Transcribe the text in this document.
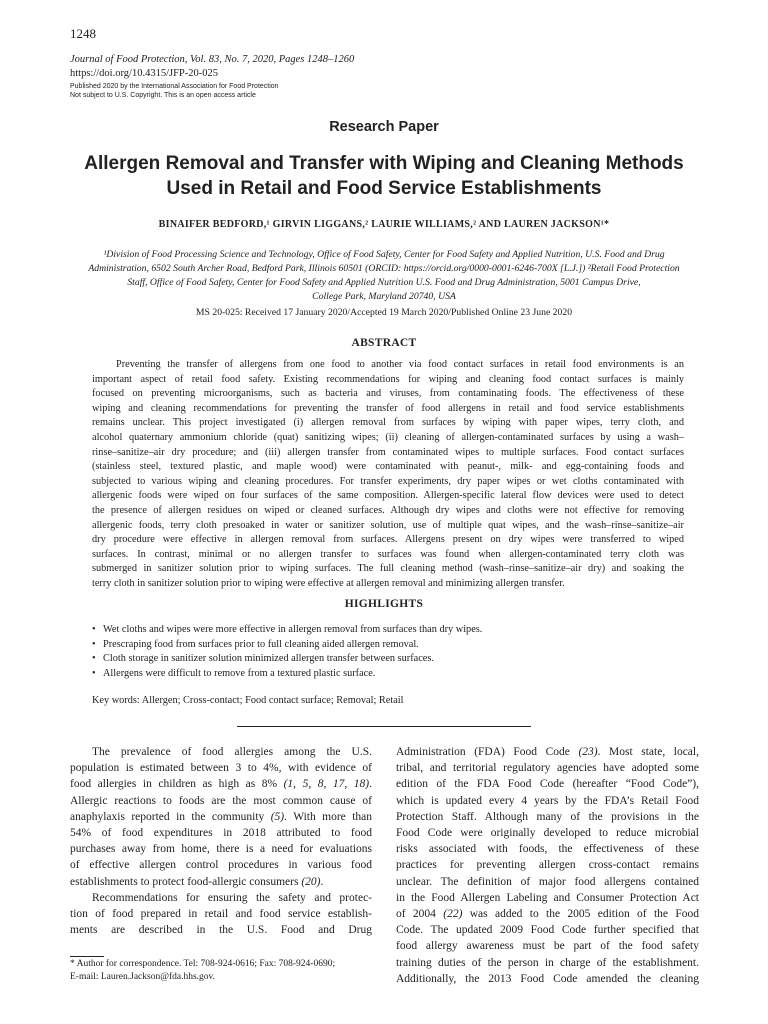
1248
Journal of Food Protection, Vol. 83, No. 7, 2020, Pages 1248–1260
https://doi.org/10.4315/JFP-20-025
Published 2020 by the International Association for Food Protection
Not subject to U.S. Copyright. This is an open access article
Research Paper
Allergen Removal and Transfer with Wiping and Cleaning Methods
Used in Retail and Food Service Establishments
BINAIFER BEDFORD,¹ GIRVIN LIGGANS,² LAURIE WILLIAMS,² AND LAUREN JACKSON¹*
¹Division of Food Processing Science and Technology, Office of Food Safety, Center for Food Safety and Applied Nutrition, U.S. Food and Drug
Administration, 6502 South Archer Road, Bedford Park, Illinois 60501 (ORCID: https://orcid.org/0000-0001-6246-700X [L.J.]) ²Retail Food Protection
Staff, Office of Food Safety, Center for Food Safety and Applied Nutrition U.S. Food and Drug Administration, 5001 Campus Drive,
College Park, Maryland 20740, USA
MS 20-025: Received 17 January 2020/Accepted 19 March 2020/Published Online 23 June 2020
ABSTRACT
Preventing the transfer of allergens from one food to another via food contact surfaces in retail food environments is an
important aspect of retail food safety. Existing recommendations for wiping and cleaning food contact surfaces is mainly
focused on preventing microorganisms, such as bacteria and viruses, from contaminating foods. The effectiveness of these
wiping and cleaning recommendations for preventing the transfer of food allergens in retail and food service establishments
remains unclear. This project investigated (i) allergen removal from surfaces by wiping with paper wipes, terry cloth, and
alcohol quaternary ammonium chloride (quat) sanitizing wipes; (ii) cleaning of allergen-contaminated surfaces by using a wash–
rinse–sanitize–air dry procedure; and (iii) allergen transfer from contaminated wipes to multiple surfaces. Food contact surfaces
(stainless steel, textured plastic, and maple wood) were contaminated with peanut-, milk- and egg-containing foods and
subjected to various wiping and cleaning procedures. For transfer experiments, dry paper wipes or wet cloths contaminated with
allergenic foods were wiped on four surfaces of the same composition. Allergen-specific lateral flow devices were used to detect
the presence of allergen residues on wiped or cleaned surfaces. Although dry wipes and cloths were not effective for removing
allergenic foods, terry cloth presoaked in water or sanitizer solution, use of multiple quat wipes, and the wash–rinse–sanitize–air
dry procedure were effective in allergen removal from surfaces. Allergens present on dry wipes were transferred to wiped
surfaces. In contrast, minimal or no allergen transfer to surfaces was found when allergen-contaminated terry cloth was
submerged in sanitizer solution prior to wiping surfaces. The full cleaning method (wash–rinse–sanitize–air dry) and soaking the
terry cloth in sanitizer solution prior to wiping were effective at allergen removal and minimizing allergen transfer.
HIGHLIGHTS
• Wet cloths and wipes were more effective in allergen removal from surfaces than dry wipes.
• Prescraping food from surfaces prior to full cleaning aided allergen removal.
• Cloth storage in sanitizer solution minimized allergen transfer between surfaces.
• Allergens were difficult to remove from a textured plastic surface.
Key words: Allergen; Cross-contact; Food contact surface; Removal; Retail
The prevalence of food allergies among the U.S.
population is estimated between 3 to 4%, with evidence of
food allergies in children as high as 8% (1, 5, 8, 17, 18).
Allergic reactions to foods are the most common cause of
anaphylaxis reported in the community (5). With more than
54% of food expenditures in 2018 attributed to food
purchases away from home, there is a need for evaluations
of effective allergen control procedures in various food
establishments to protect food-allergic consumers (20).
Recommendations for ensuring the safety and protec-
tion of food prepared in retail and food service establish-
ments are described in the U.S. Food and Drug
Administration (FDA) Food Code (23). Most state, local,
tribal, and territorial regulatory agencies have adopted some
edition of the FDA Food Code (hereafter “Food Code”),
which is updated every 4 years by the FDA’s Retail Food
Protection Staff. Although many of the provisions in the
Food Code were originally developed to reduce microbial
risks associated with foods, the effectiveness of these
practices for preventing allergen cross-contact remains
unclear. The definition of major food allergens contained
in the Food Allergen Labeling and Consumer Protection Act
of 2004 (22) was added to the 2005 edition of the Food
Code. The updated 2009 Food Code further specified that
food allergy awareness must be part of the food safety
training duties of the person in charge of the establishment.
Additionally, the 2013 Food Code amended the cleaning
* Author for correspondence. Tel: 708-924-0616; Fax: 708-924-0690;
E-mail: Lauren.Jackson@fda.hhs.gov.
